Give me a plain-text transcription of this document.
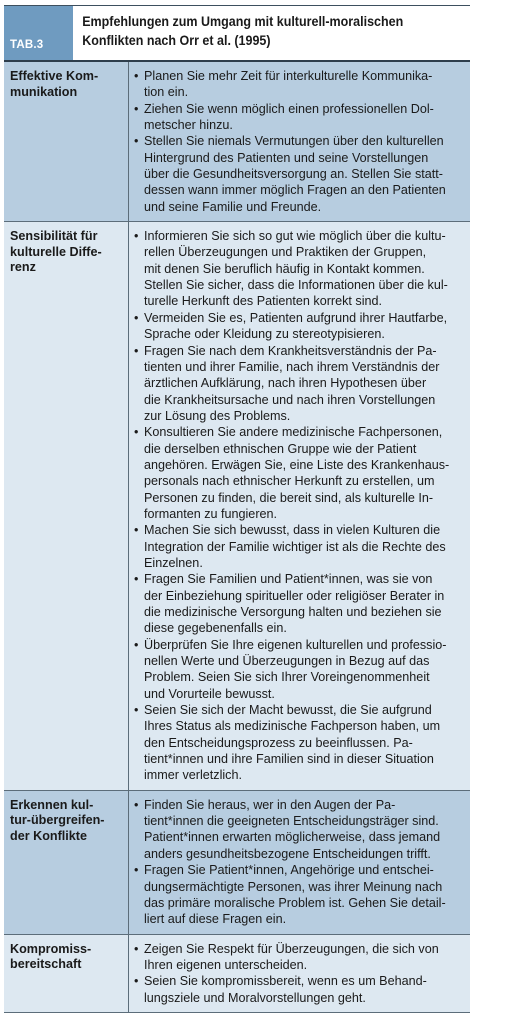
TAB.3
Empfehlungen zum Umgang mit kulturell-moralischen
Konflikten nach Orr et al. (1995)
Effektive Kom-
munikation
• Planen Sie mehr Zeit für interkulturelle Kommunika-
tion ein.
• Ziehen Sie wenn möglich einen professionellen Dol-
metscher hinzu.
• Stellen Sie niemals Vermutungen über den kulturellen
Hintergrund des Patienten und seine Vorstellungen
über die Gesundheitsversorgung an. Stellen Sie statt-
dessen wann immer möglich Fragen an den Patienten
und seine Familie und Freunde.
Sensibilität für
kulturelle Diffe-
renz
• Informieren Sie sich so gut wie möglich über die kultu-
rellen Überzeugungen und Praktiken der Gruppen,
mit denen Sie beruflich häufig in Kontakt kommen.
Stellen Sie sicher, dass die Informationen über die kul-
turelle Herkunft des Patienten korrekt sind.
• Vermeiden Sie es, Patienten aufgrund ihrer Hautfarbe,
Sprache oder Kleidung zu stereotypisieren.
• Fragen Sie nach dem Krankheitsverständnis der Pa-
tienten und ihrer Familie, nach ihrem Verständnis der
ärztlichen Aufklärung, nach ihren Hypothesen über
die Krankheitsursache und nach ihren Vorstellungen
zur Lösung des Problems.
• Konsultieren Sie andere medizinische Fachpersonen,
die derselben ethnischen Gruppe wie der Patient
angehören. Erwägen Sie, eine Liste des Krankenhaus-
personals nach ethnischer Herkunft zu erstellen, um
Personen zu finden, die bereit sind, als kulturelle In-
formanten zu fungieren.
• Machen Sie sich bewusst, dass in vielen Kulturen die
Integration der Familie wichtiger ist als die Rechte des
Einzelnen.
• Fragen Sie Familien und Patient*innen, was sie von
der Einbeziehung spiritueller oder religiöser Berater in
die medizinische Versorgung halten und beziehen sie
diese gegebenenfalls ein.
• Überprüfen Sie Ihre eigenen kulturellen und professio-
nellen Werte und Überzeugungen in Bezug auf das
Problem. Seien Sie sich Ihrer Voreingenommenheit
und Vorurteile bewusst.
• Seien Sie sich der Macht bewusst, die Sie aufgrund
Ihres Status als medizinische Fachperson haben, um
den Entscheidungsprozess zu beeinflussen. Pa-
tient*innen und ihre Familien sind in dieser Situation
immer verletzlich.
Erkennen kul-
tur-übergreifen-
der Konflikte
• Finden Sie heraus, wer in den Augen der Pa-
tient*innen die geeigneten Entscheidungsträger sind.
Patient*innen erwarten möglicherweise, dass jemand
anders gesundheitsbezogene Entscheidungen trifft.
• Fragen Sie Patient*innen, Angehörige und entschei-
dungsermächtigte Personen, was ihrer Meinung nach
das primäre moralische Problem ist. Gehen Sie detail-
liert auf diese Fragen ein.
Kompromiss-
bereitschaft
• Zeigen Sie Respekt für Überzeugungen, die sich von
Ihren eigenen unterscheiden.
• Seien Sie kompromissbereit, wenn es um Behand-
lungsziele und Moralvorstellungen geht.
